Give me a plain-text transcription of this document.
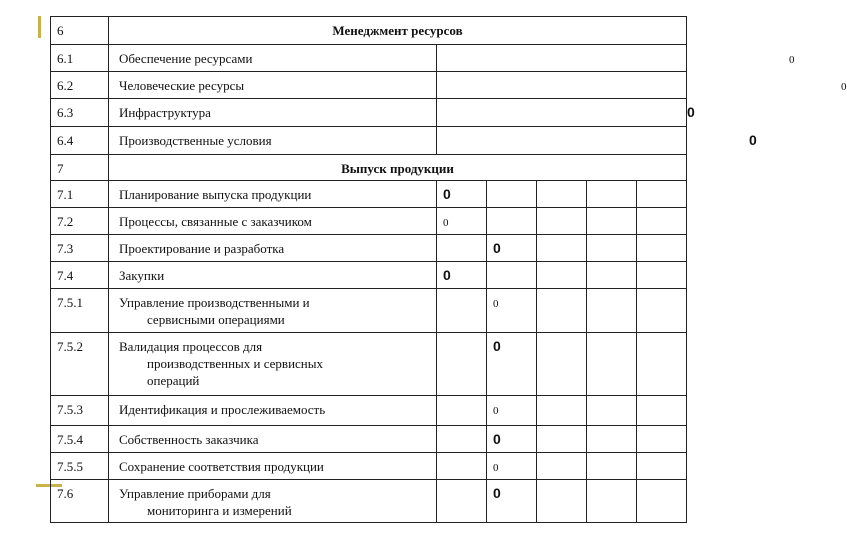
6	Менеджмент ресурсов					
6.1	Обеспечение ресурсами	0				
6.2	Человеческие ресурсы	0				
6.3	Инфраструктура	0				
6.4	Производственные условия	0				
7	Выпуск продукции					
7.1	Планирование выпуска продукции	0				
7.2	Процессы, связанные с заказчиком	0				
7.3	Проектирование и разработка		0			
7.4	Закупки	0				
7.5.1	Управление производственными и
сервисными операциями		0			
7.5.2	Валидация процессов для
производственных и сервисных
операций		0			
7.5.3	Идентификация и прослеживаемость		0			
7.5.4	Собственность заказчика		0			
7.5.5	Сохранение соответствия продукции		0			
7.6	Управление приборами для
мониторинга и измерений		0			
